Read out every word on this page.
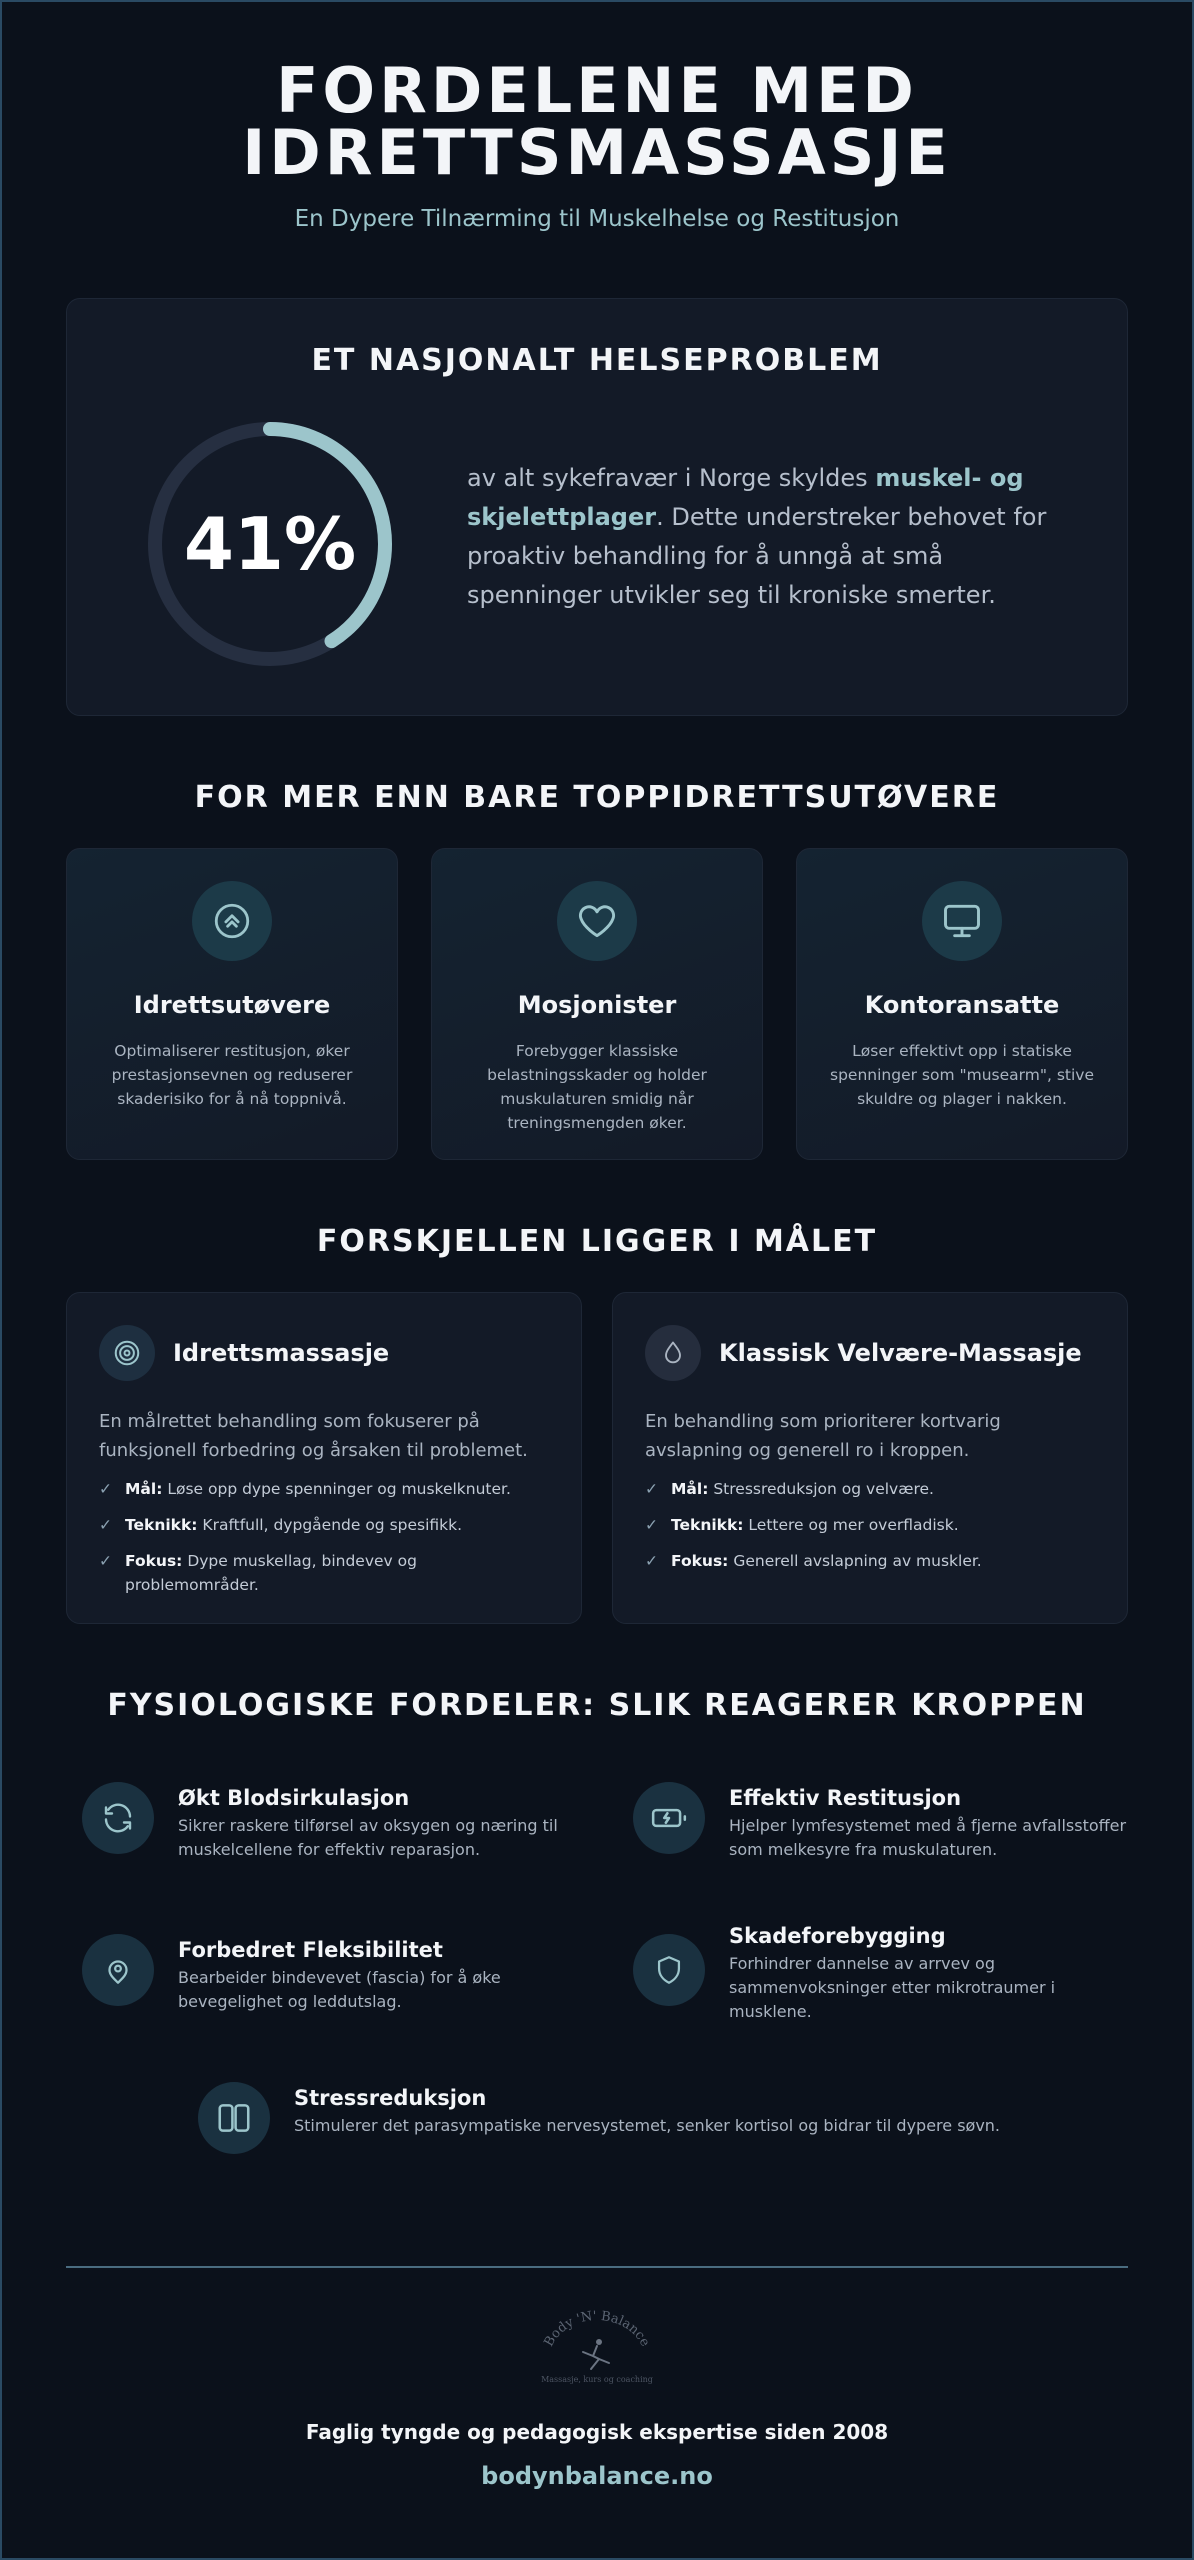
FORDELENE MED
IDRETTSMASSASJE
En Dypere Tilnærming til Muskelhelse og Restitusjon
ET NASJONALT HELSEPROBLEM
41%

av alt sykefravær i Norge skyldes muskel- og skjelettplager. Dette understreker behovet for proaktiv behandling for å unngå at små spenninger utvikler seg til kroniske smerter.

FOR MER ENN BARE TOPPIDRETTSUTØVERE
Idrettsutøvere

Optimaliserer restitusjon, øker prestasjonsevnen og reduserer skaderisiko for å nå toppnivå.

Mosjonister

Forebygger klassiske belastningsskader og holder muskulaturen smidig når treningsmengden øker.

Kontoransatte

Løser effektivt opp i statiske spenninger som "musearm", stive skuldre og plager i nakken.

FORSKJELLEN LIGGER I MÅLET
Idrettsmassasje

En målrettet behandling som fokuserer på funksjonell forbedring og årsaken til problemet.

✓ Mål: Løse opp dype spenninger og muskelknuter.
✓ Teknikk: Kraftfull, dypgående og spesifikk.
✓ Fokus: Dype muskellag, bindevev og problemområder.
Klassisk Velvære-Massasje

En behandling som prioriterer kortvarig avslapning og generell ro i kroppen.

✓ Mål: Stressreduksjon og velvære.
✓ Teknikk: Lettere og mer overfladisk.
✓ Fokus: Generell avslapning av muskler.
FYSIOLOGISKE FORDELER: SLIK REAGERER KROPPEN
Økt Blodsirkulasjon

Sikrer raskere tilførsel av oksygen og næring til muskelcellene for effektiv reparasjon.

Effektiv Restitusjon

Hjelper lymfesystemet med å fjerne avfallsstoffer som melkesyre fra muskulaturen.

Forbedret Fleksibilitet

Bearbeider bindevevet (fascia) for å øke bevegelighet og leddutslag.

Skadeforebygging

Forhindrer dannelse av arrvev og sammenvoksninger etter mikrotraumer i musklene.

Stressreduksjon

Stimulerer det parasympatiske nervesystemet, senker kortisol og bidrar til dypere søvn.

Body 'N' Balance
Massasje, kurs og coaching
Faglig tyngde og pedagogisk ekspertise siden 2008
bodynbalance.no
